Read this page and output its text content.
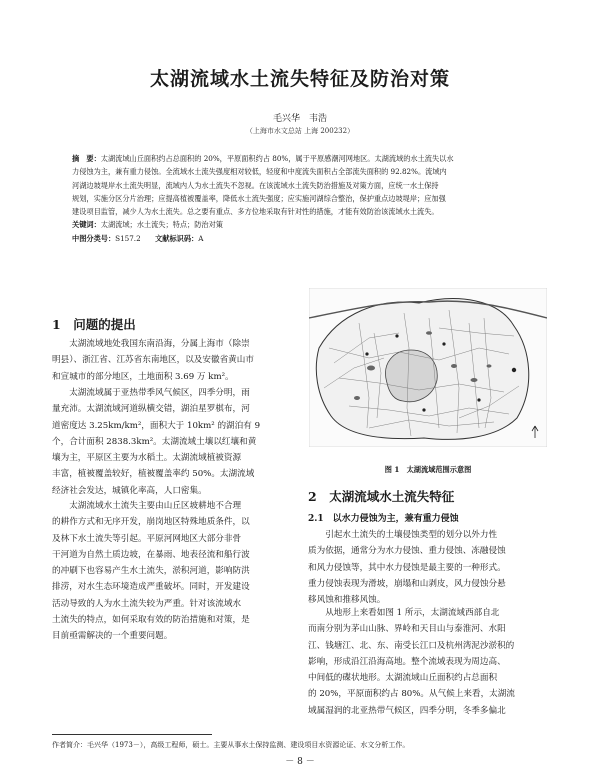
太湖流域水土流失特征及防治对策
毛兴华　韦浩
（上海市水文总站 上海 200232）
摘　要：太湖流域山丘面积约占总面积的 20%，平原面积约占 80%，属于平原感潮河网地区。太湖流域的水土流失以水
力侵蚀为主，兼有重力侵蚀。全流域水土流失强度相对较低，轻度和中度流失面积占全部流失面积的 92.82%。流域内
河湖边坡堤岸水土流失明显，流域内人为水土流失不忽视。在该流域水土流失防治措施及对策方面，应统一水土保持
规划，实施分区分片治理；应提高植被覆盖率，降低水土流失强度；应实施河湖综合整治，保护重点边坡堤岸；应加强
建设项目监管，减少人为水土流失。总之要有重点、多方位地采取有针对性的措施，才能有效防治该流域水土流失。
关键词：太湖流域；水土流失；特点；防治对策
中图分类号：S157.2　　 文献标识码：A
1　问题的提出
　　太湖流域地处我国东南沿海，分属上海市（除崇
明县）、浙江省、江苏省东南地区，以及安徽省黄山市
和宣城市的部分地区，土地面积 3.69 万 km²。
　　太湖流域属于亚热带季风气候区，四季分明，雨
量充沛。太湖流域河道纵横交错，湖泊星罗棋布，河
道密度达 3.25km/km²，面积大于 10km² 的湖泊有 9
个，合计面积 2838.3km²。太湖流域土壤以红壤和黄
壤为主，平原区主要为水稻土。太湖流域植被资源
丰富，植被覆盖较好，植被覆盖率约 50%。太湖流域
经济社会发达，城镇化率高，人口密集。
　　太湖流域水土流失主要由山丘区坡耕地不合理
的耕作方式和无序开发，崩岗地区特殊地质条件，以
及林下水土流失等引起。平原河网地区大部分非骨
干河道为自然土质边坡，在暴雨、地表径流和船行波
的冲刷下也容易产生水土流失，淤积河道，影响防洪
排涝，对水生态环境造成严重破坏。同时，开发建设
活动导致的人为水土流失较为严重。针对该流域水
土流失的特点，如何采取有效的防治措施和对策，是
目前亟需解决的一个重要问题。
图 1　太湖流域范围示意图
2　太湖流域水土流失特征
2.1　以水力侵蚀为主，兼有重力侵蚀
　　引起水土流失的土壤侵蚀类型的划分以外力性
质为依据，通常分为水力侵蚀、重力侵蚀、冻融侵蚀
和风力侵蚀等，其中水力侵蚀是最主要的一种形式。
重力侵蚀表现为滑坡，崩塌和山剥皮，风力侵蚀分悬
移风蚀和推移风蚀。
　　从地形上来看如图 1 所示，太湖流域西部自北
而南分别为茅山山脉、界岭和天目山与泰淮河、水阳
江、钱塘江、北、东、南受长江口及杭州湾泥沙淤积的
影响，形成沿江沿海高地。整个流域表现为周边高、
中间低的碟状地形。太湖流域山丘面积约占总面积
的 20%，平原面积约占 80%。从气候上来看，太湖流
域属湿润的北亚热带气候区，四季分明，冬季多偏北
作者简介：毛兴华（1973－），高级工程师，硕士。主要从事水土保持监测、建设项目水资源论证、水文分析工作。
－ 8 －
